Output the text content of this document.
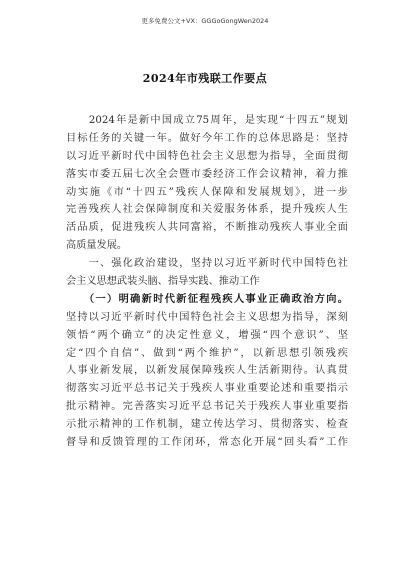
更多免费公文+VX：GGGoGongWen2024
2024年市残联工作要点
　　2024年是新中国成立75周年，是实现“十四五”规划
目标任务的关键一年。做好今年工作的总体思路是：坚持
以习近平新时代中国特色社会主义思想为指导，全面贯彻
落实市委五届七次全会暨市委经济工作会议精神，着力推
动实施《市“十四五”残疾人保障和发展规划》，进一步
完善残疾人社会保障制度和关爱服务体系，提升残疾人生
活品质，促进残疾人共同富裕，不断推动残疾人事业全面
高质量发展。
　　一、强化政治建设，坚持以习近平新时代中国特色社
会主义思想武装头脑、指导实践、推动工作
　　（一）明确新时代新征程残疾人事业正确政治方向。
坚持以习近平新时代中国特色社会主义思想为指导，深刻
领悟“两个确立”的决定性意义，增强“四个意识”、坚
定“四个自信”、做到“两个维护”，以新思想引领残疾
人事业新发展，以新发展保障残疾人生活新期待。认真贯
彻落实习近平总书记关于残疾人事业重要论述和重要指示
批示精神。完善落实习近平总书记关于残疾人事业重要指
示批示精神的工作机制，建立传达学习、贯彻落实、检查
督导和反馈管理的工作闭环，常态化开展“回头看”工作
